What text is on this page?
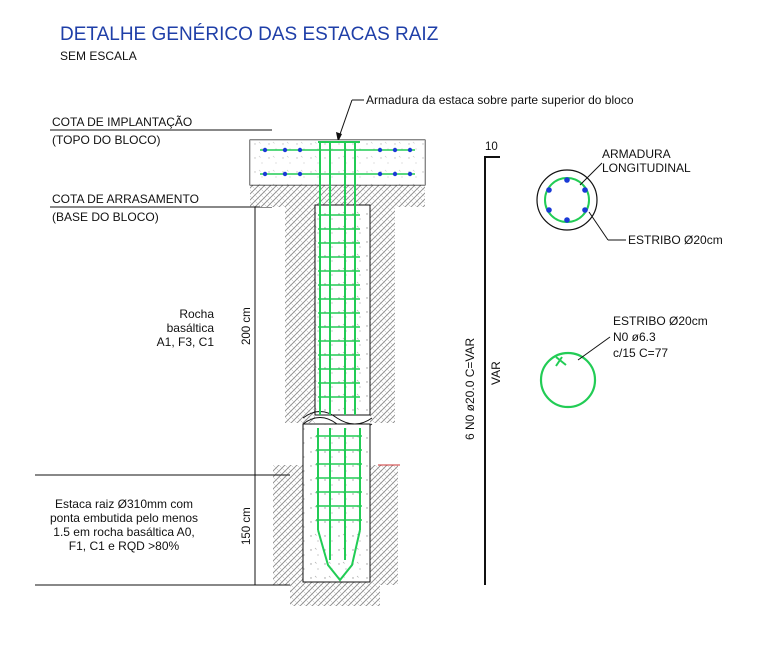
DETALHE GENÉRICO DAS ESTACAS RAIZ
SEM ESCALA
Armadura da estaca sobre parte superior do bloco
COTA DE IMPLANTAÇÃO
(TOPO DO BLOCO)
COTA DE ARRASAMENTO
(BASE DO BLOCO)
200 cm
150 cm
Rocha
basáltica
A1, F3, C1
Estaca raiz Ø310mm com
ponta embutida pelo menos
1.5 em rocha basáltica A0,
F1, C1 e RQD >80%
10
6 N0 ø20.0 C=VAR VAR
ARMADURA
LONGITUDINAL
ESTRIBO Ø20cm
ESTRIBO Ø20cm
N0 ø6.3
c/15 C=77
